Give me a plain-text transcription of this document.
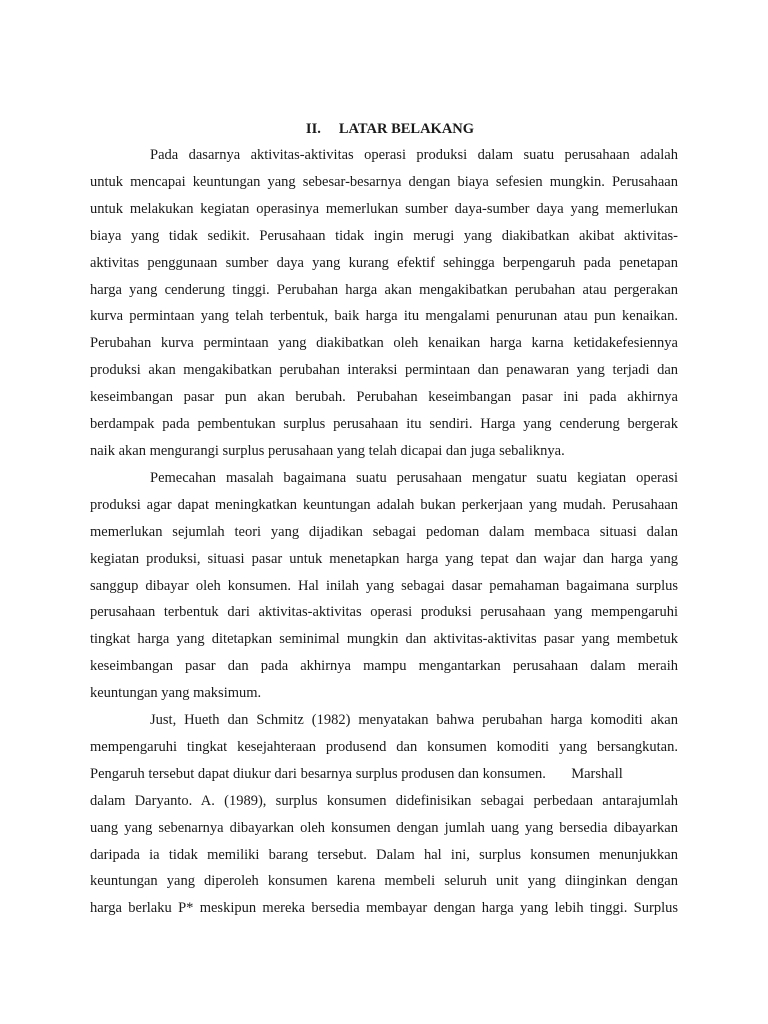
II. LATAR BELAKANG

Pada dasarnya aktivitas-aktivitas operasi produksi dalam suatu perusahaan adalah
untuk mencapai keuntungan yang sebesar-besarnya dengan biaya sefesien mungkin. Perusahaan
untuk melakukan kegiatan operasinya memerlukan sumber daya-sumber daya yang memerlukan
biaya yang tidak sedikit. Perusahaan tidak ingin merugi yang diakibatkan akibat aktivitas-
aktivitas penggunaan sumber daya yang kurang efektif sehingga berpengaruh pada penetapan
harga yang cenderung tinggi. Perubahan harga akan mengakibatkan perubahan atau pergerakan
kurva permintaan yang telah terbentuk, baik harga itu mengalami penurunan atau pun kenaikan.
Perubahan kurva permintaan yang diakibatkan oleh kenaikan harga karna ketidakefesiennya
produksi akan mengakibatkan perubahan interaksi permintaan dan penawaran yang terjadi dan
keseimbangan pasar pun akan berubah. Perubahan keseimbangan pasar ini pada akhirnya
berdampak pada pembentukan surplus perusahaan itu sendiri. Harga yang cenderung bergerak
naik akan mengurangi surplus perusahaan yang telah dicapai dan juga sebaliknya.

Pemecahan masalah bagaimana suatu perusahaan mengatur suatu kegiatan operasi
produksi agar dapat meningkatkan keuntungan adalah bukan perkerjaan yang mudah. Perusahaan
memerlukan sejumlah teori yang dijadikan sebagai pedoman dalam membaca situasi dalan
kegiatan produksi, situasi pasar untuk menetapkan harga yang tepat dan wajar dan harga yang
sanggup dibayar oleh konsumen. Hal inilah yang sebagai dasar pemahaman bagaimana surplus
perusahaan terbentuk dari aktivitas-aktivitas operasi produksi perusahaan yang mempengaruhi
tingkat harga yang ditetapkan seminimal mungkin dan aktivitas-aktivitas pasar yang membetuk
keseimbangan pasar dan pada akhirnya mampu mengantarkan perusahaan dalam meraih
keuntungan yang maksimum.

Just, Hueth dan Schmitz (1982) menyatakan bahwa perubahan harga komoditi akan
mempengaruhi tingkat kesejahteraan produsend dan konsumen komoditi yang bersangkutan.
Pengaruh tersebut dapat diukur dari besarnya surplus produsen dan konsumen.       Marshall
dalam Daryanto. A. (1989), surplus konsumen didefinisikan sebagai perbedaan antarajumlah
uang yang sebenarnya dibayarkan oleh konsumen dengan jumlah uang yang bersedia dibayarkan
daripada ia tidak memiliki barang tersebut. Dalam hal ini, surplus konsumen menunjukkan
keuntungan yang diperoleh konsumen karena membeli seluruh unit yang diinginkan dengan
harga berlaku P* meskipun mereka bersedia membayar dengan harga yang lebih tinggi. Surplus
